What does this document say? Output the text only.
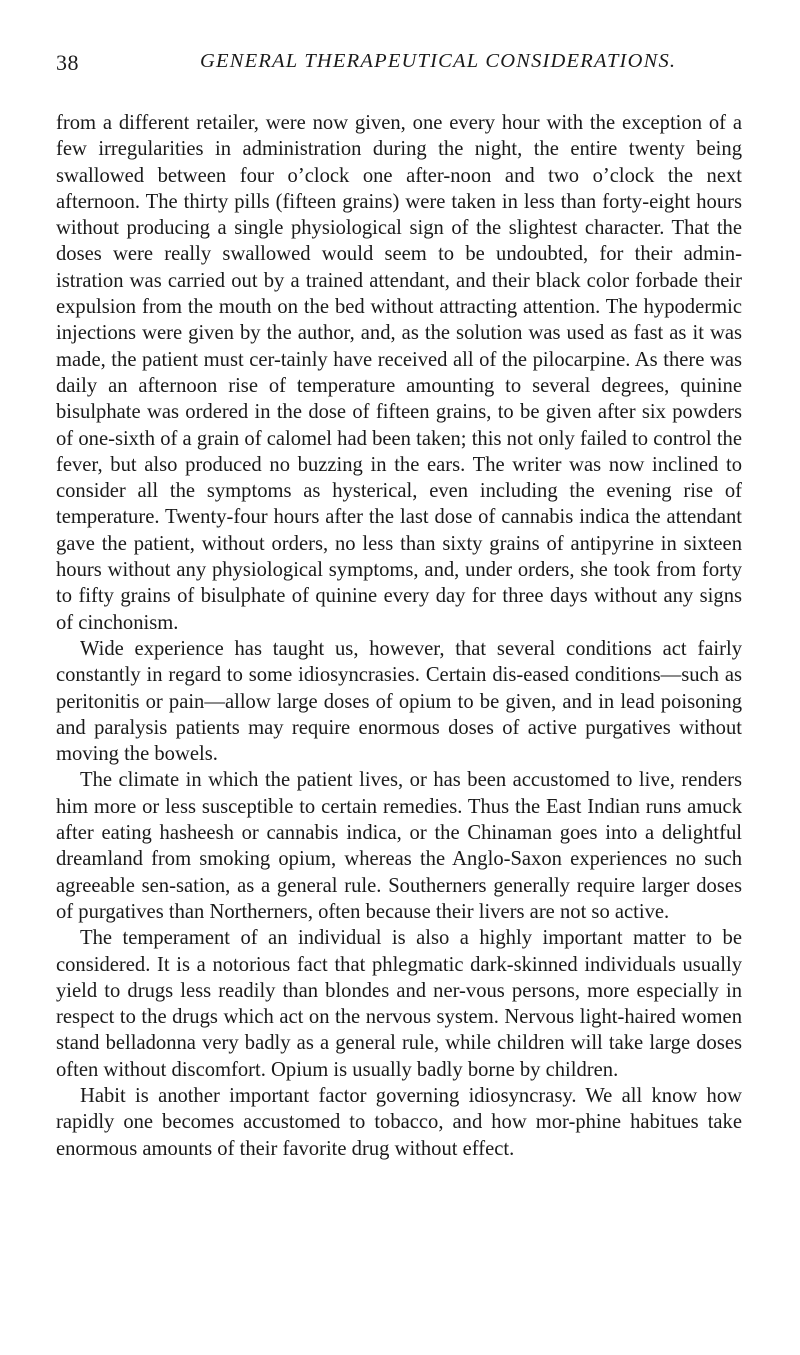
38	GENERAL THERAPEUTICAL CONSIDERATIONS.

from a different retailer, were now given, one every hour with the exception of a few irregularities in administration during the night, the entire twenty being swallowed between four o’clock one after-noon and two o’clock the next afternoon. The thirty pills (fifteen grains) were taken in less than forty-eight hours without producing a single physiological sign of the slightest character. That the doses were really swallowed would seem to be undoubted, for their admin-istration was carried out by a trained attendant, and their black color forbade their expulsion from the mouth on the bed without attracting attention. The hypodermic injections were given by the author, and, as the solution was used as fast as it was made, the patient must cer-tainly have received all of the pilocarpine. As there was daily an afternoon rise of temperature amounting to several degrees, quinine bisulphate was ordered in the dose of fifteen grains, to be given after six powders of one-sixth of a grain of calomel had been taken; this not only failed to control the fever, but also produced no buzzing in the ears. The writer was now inclined to consider all the symptoms as hysterical, even including the evening rise of temperature. Twenty-four hours after the last dose of cannabis indica the attendant gave the patient, without orders, no less than sixty grains of antipyrine in sixteen hours without any physiological symptoms, and, under orders, she took from forty to fifty grains of bisulphate of quinine every day for three days without any signs of cinchonism.

Wide experience has taught us, however, that several conditions act fairly constantly in regard to some idiosyncrasies. Certain dis-eased conditions—such as peritonitis or pain—allow large doses of opium to be given, and in lead poisoning and paralysis patients may require enormous doses of active purgatives without moving the bowels.

The climate in which the patient lives, or has been accustomed to live, renders him more or less susceptible to certain remedies. Thus the East Indian runs amuck after eating hasheesh or cannabis indica, or the Chinaman goes into a delightful dreamland from smoking opium, whereas the Anglo-Saxon experiences no such agreeable sen-sation, as a general rule. Southerners generally require larger doses of purgatives than Northerners, often because their livers are not so active.

The temperament of an individual is also a highly important matter to be considered. It is a notorious fact that phlegmatic dark-skinned individuals usually yield to drugs less readily than blondes and ner-vous persons, more especially in respect to the drugs which act on the nervous system. Nervous light-haired women stand belladonna very badly as a general rule, while children will take large doses often without discomfort. Opium is usually badly borne by children.

Habit is another important factor governing idiosyncrasy. We all know how rapidly one becomes accustomed to tobacco, and how mor-phine habitues take enormous amounts of their favorite drug without effect.
